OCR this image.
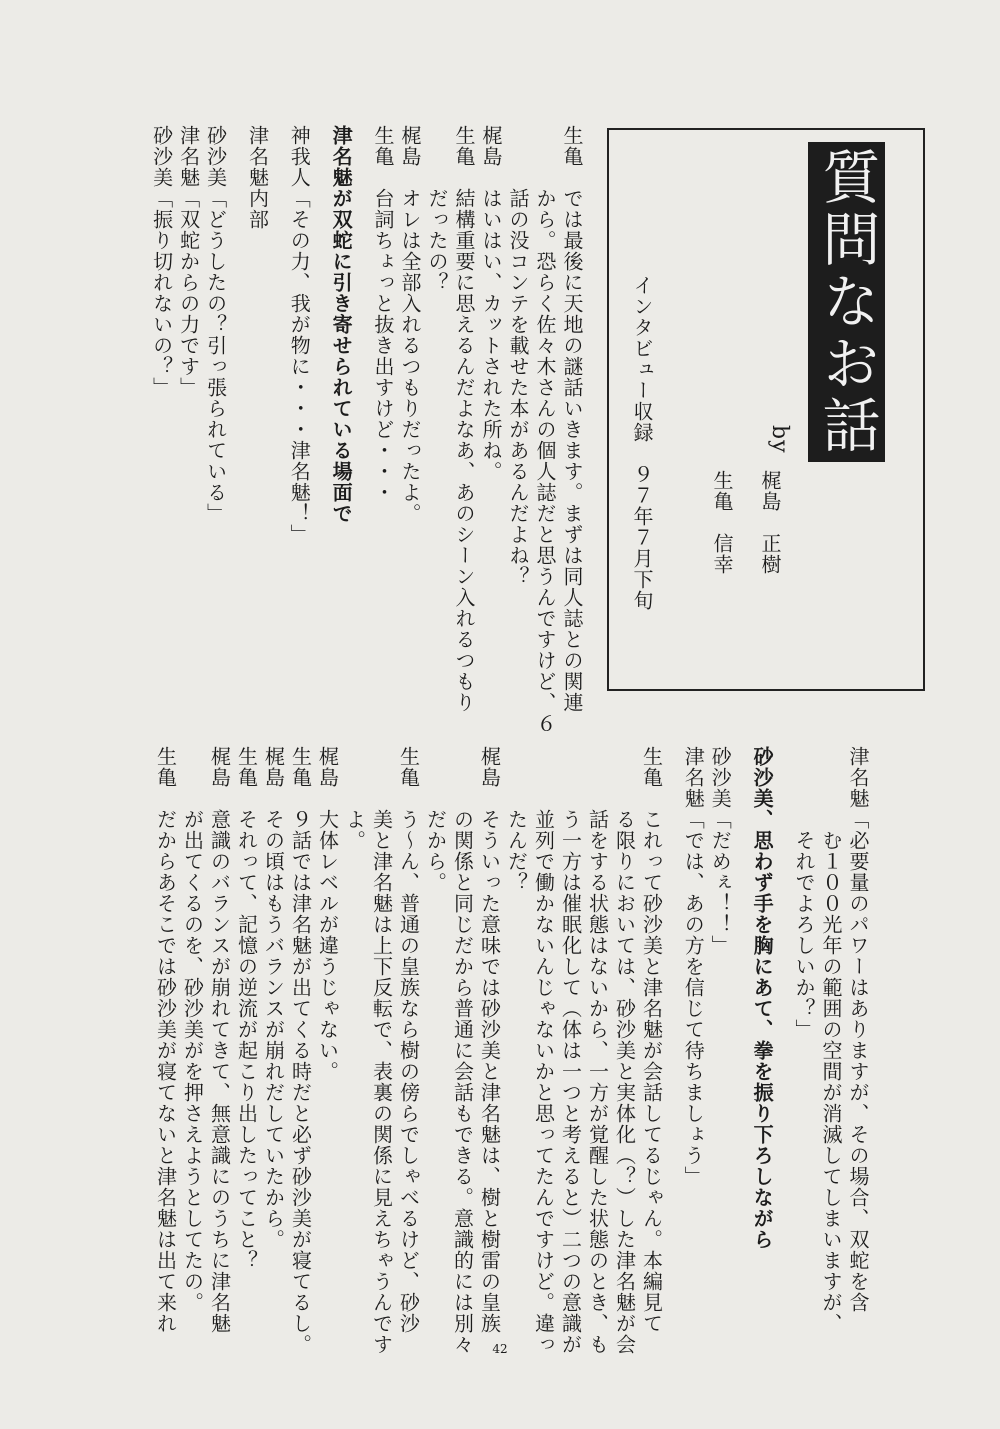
質問なお話
by
梶島　正樹
生亀　信幸
インタビュー収録　９７年７月下旬
生亀　では最後に天地の謎話いきます。まずは同人誌との関連
　　　から。恐らく佐々木さんの個人誌だと思うんですけど、６
　　　話の没コンテを載せた本があるんだよね？
梶島　はいはい、カットされた所ね。
生亀　結構重要に思えるんだよなあ、あのシーン入れるつもり
　　　だったの？
梶島　オレは全部入れるつもりだったよ。
生亀　台詞ちょっと抜き出すけど・・・
津名魅が双蛇に引き寄せられている場面で
神我人「その力、我が物に・・・津名魅！」
津名魅内部
砂沙美「どうしたの？引っ張られている」
津名魅「双蛇からの力です」
砂沙美「振り切れないの？」
津名魅「必要量のパワーはありますが、その場合、双蛇を含
　　　　む１００光年の範囲の空間が消滅してしまいますが、
　　　　それでよろしいか？」
砂沙美、思わず手を胸にあて、拳を振り下ろしながら
砂沙美「だめぇ！！」
津名魅「では、あの方を信じて待ちましょう」
生亀　これって砂沙美と津名魅が会話してるじゃん。本編見て
　　　る限りにおいては、砂沙美と実体化（？）した津名魅が会
　　　話をする状態はないから、一方が覚醒した状態のとき、も
　　　う一方は催眠化して（体は一つと考えると）二つの意識が
　　　並列で働かないんじゃないかと思ってたんですけど。違っ
　　　たんだ？
梶島　そういった意味では砂沙美と津名魅は、樹と樹雷の皇族
　　　の関係と同じだから普通に会話もできる。意識的には別々
　　　だから。
生亀　う～ん、普通の皇族なら樹の傍らでしゃべるけど、砂沙
　　　美と津名魅は上下反転で、表裏の関係に見えちゃうんです
　　　よ。
梶島　大体レベルが違うじゃない。
生亀　９話では津名魅が出てくる時だと必ず砂沙美が寝てるし。
梶島　その頃はもうバランスが崩れだしていたから。
生亀　それって、記憶の逆流が起こり出したってこと？
梶島　意識のバランスが崩れてきて、無意識にのうちに津名魅
　　　が出てくるのを、砂沙美がを押さえようとしてたの。
生亀　だからあそこでは砂沙美が寝てないと津名魅は出て来れ
42
